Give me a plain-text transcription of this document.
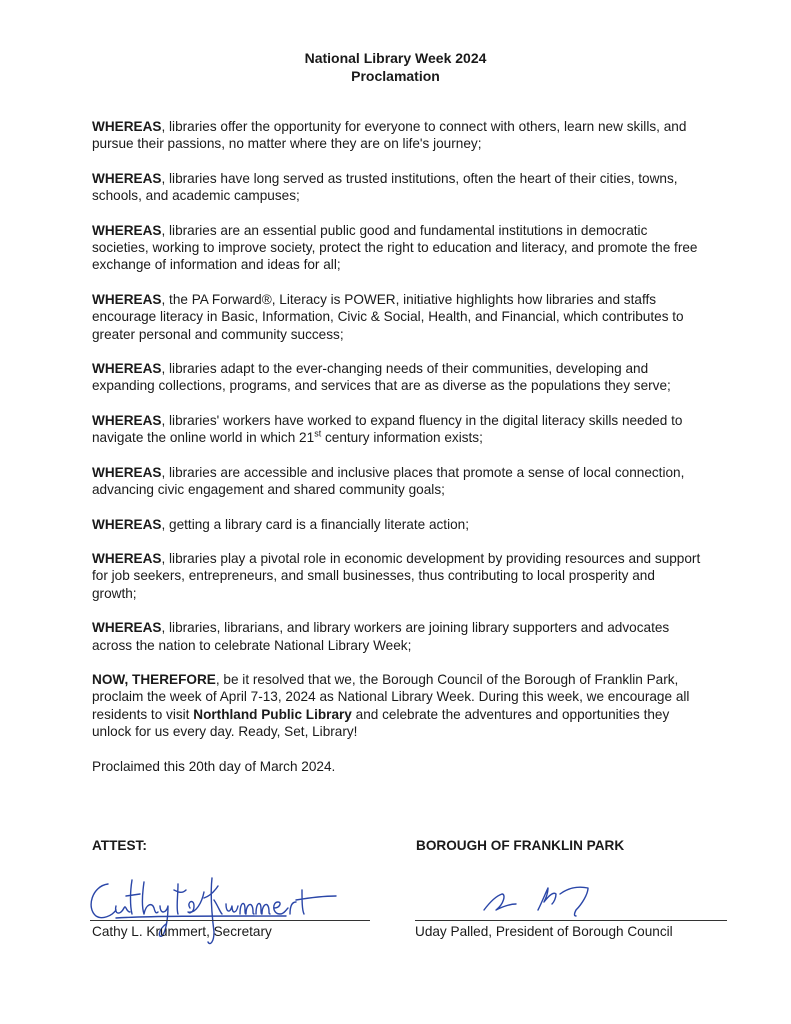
National Library Week 2024
Proclamation

WHEREAS, libraries offer the opportunity for everyone to connect with others, learn new skills, and pursue their passions, no matter where they are on life's journey;

WHEREAS, libraries have long served as trusted institutions, often the heart of their cities, towns, schools, and academic campuses;

WHEREAS, libraries are an essential public good and fundamental institutions in democratic societies, working to improve society, protect the right to education and literacy, and promote the free exchange of information and ideas for all;

WHEREAS, the PA Forward®, Literacy is POWER, initiative highlights how libraries and staffs encourage literacy in Basic, Information, Civic & Social, Health, and Financial, which contributes to greater personal and community success;

WHEREAS, libraries adapt to the ever-changing needs of their communities, developing and expanding collections, programs, and services that are as diverse as the populations they serve;

WHEREAS, libraries' workers have worked to expand fluency in the digital literacy skills needed to navigate the online world in which 21st century information exists;

WHEREAS, libraries are accessible and inclusive places that promote a sense of local connection, advancing civic engagement and shared community goals;

WHEREAS, getting a library card is a financially literate action;

WHEREAS, libraries play a pivotal role in economic development by providing resources and support for job seekers, entrepreneurs, and small businesses, thus contributing to local prosperity and growth;

WHEREAS, libraries, librarians, and library workers are joining library supporters and advocates across the nation to celebrate National Library Week;

NOW, THEREFORE, be it resolved that we, the Borough Council of the Borough of Franklin Park, proclaim the week of April 7-13, 2024 as National Library Week. During this week, we encourage all residents to visit Northland Public Library and celebrate the adventures and opportunities they unlock for us every day. Ready, Set, Library!

Proclaimed this 20th day of March 2024.

ATTEST:
Cathy L. Krummert, Secretary
BOROUGH OF FRANKLIN PARK
Uday Palled, President of Borough Council
